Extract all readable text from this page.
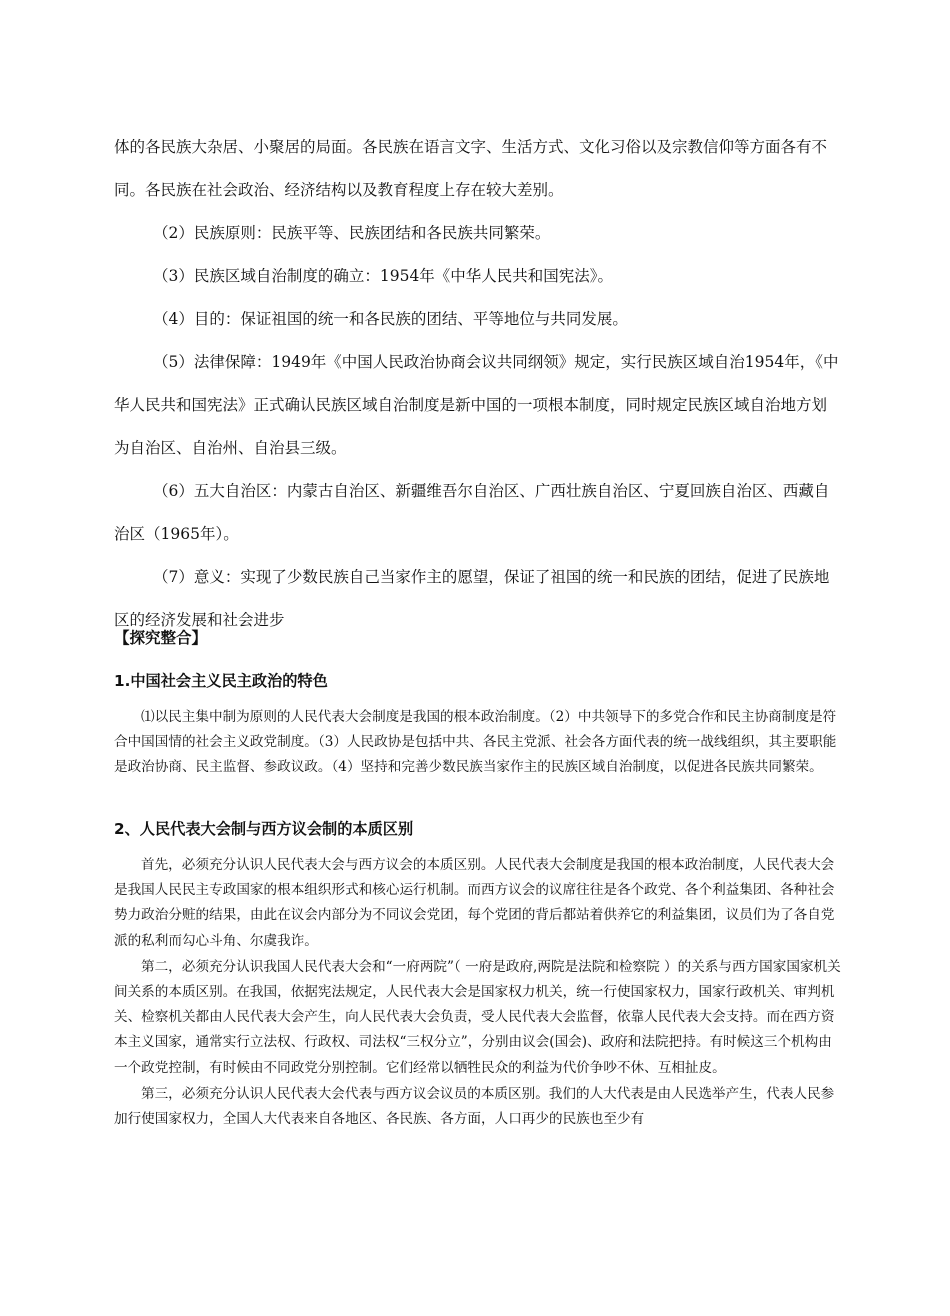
体的各民族大杂居、小聚居的局面。各民族在语言文字、生活方式、文化习俗以及宗教信仰等方面各有不同。各民族在社会政治、经济结构以及教育程度上存在较大差别。

（2）民族原则：民族平等、民族团结和各民族共同繁荣。

（3）民族区域自治制度的确立：1954年《中华人民共和国宪法》。

（4）目的：保证祖国的统一和各民族的团结、平等地位与共同发展。

（5）法律保障：1949年《中国人民政治协商会议共同纲领》规定，实行民族区域自治1954年，《中华人民共和国宪法》正式确认民族区域自治制度是新中国的一项根本制度，同时规定民族区域自治地方划为自治区、自治州、自治县三级。

（6）五大自治区：内蒙古自治区、新疆维吾尔自治区、广西壮族自治区、宁夏回族自治区、西藏自治区（1965年）。

（7）意义：实现了少数民族自己当家作主的愿望，保证了祖国的统一和民族的团结，促进了民族地区的经济发展和社会进步

【探究整合】
1.中国社会主义民主政治的特色

⑴以民主集中制为原则的人民代表大会制度是我国的根本政治制度。（2）中共领导下的多党合作和民主协商制度是符合中国国情的社会主义政党制度。（3）人民政协是包括中共、各民主党派、社会各方面代表的统一战线组织，其主要职能是政治协商、民主监督、参政议政。（4）坚持和完善少数民族当家作主的民族区域自治制度，以促进各民族共同繁荣。

2、人民代表大会制与西方议会制的本质区别

首先，必须充分认识人民代表大会与西方议会的本质区别。人民代表大会制度是我国的根本政治制度，人民代表大会是我国人民民主专政国家的根本组织形式和核心运行机制。而西方议会的议席往往是各个政党、各个利益集团、各种社会势力政治分赃的结果，由此在议会内部分为不同议会党团，每个党团的背后都站着供养它的利益集团，议员们为了各自党派的私利而勾心斗角、尔虞我诈。

第二，必须充分认识我国人民代表大会和“一府两院”（ 一府是政府,两院是法院和检察院 ）的关系与西方国家国家机关间关系的本质区别。在我国，依据宪法规定，人民代表大会是国家权力机关，统一行使国家权力，国家行政机关、审判机关、检察机关都由人民代表大会产生，向人民代表大会负责，受人民代表大会监督，依靠人民代表大会支持。而在西方资本主义国家，通常实行立法权、行政权、司法权“三权分立”，分别由议会(国会)、政府和法院把持。有时候这三个机构由一个政党控制，有时候由不同政党分别控制。它们经常以牺牲民众的利益为代价争吵不休、互相扯皮。

第三，必须充分认识人民代表大会代表与西方议会议员的本质区别。我们的人大代表是由人民选举产生，代表人民参加行使国家权力，全国人大代表来自各地区、各民族、各方面，人口再少的民族也至少有
